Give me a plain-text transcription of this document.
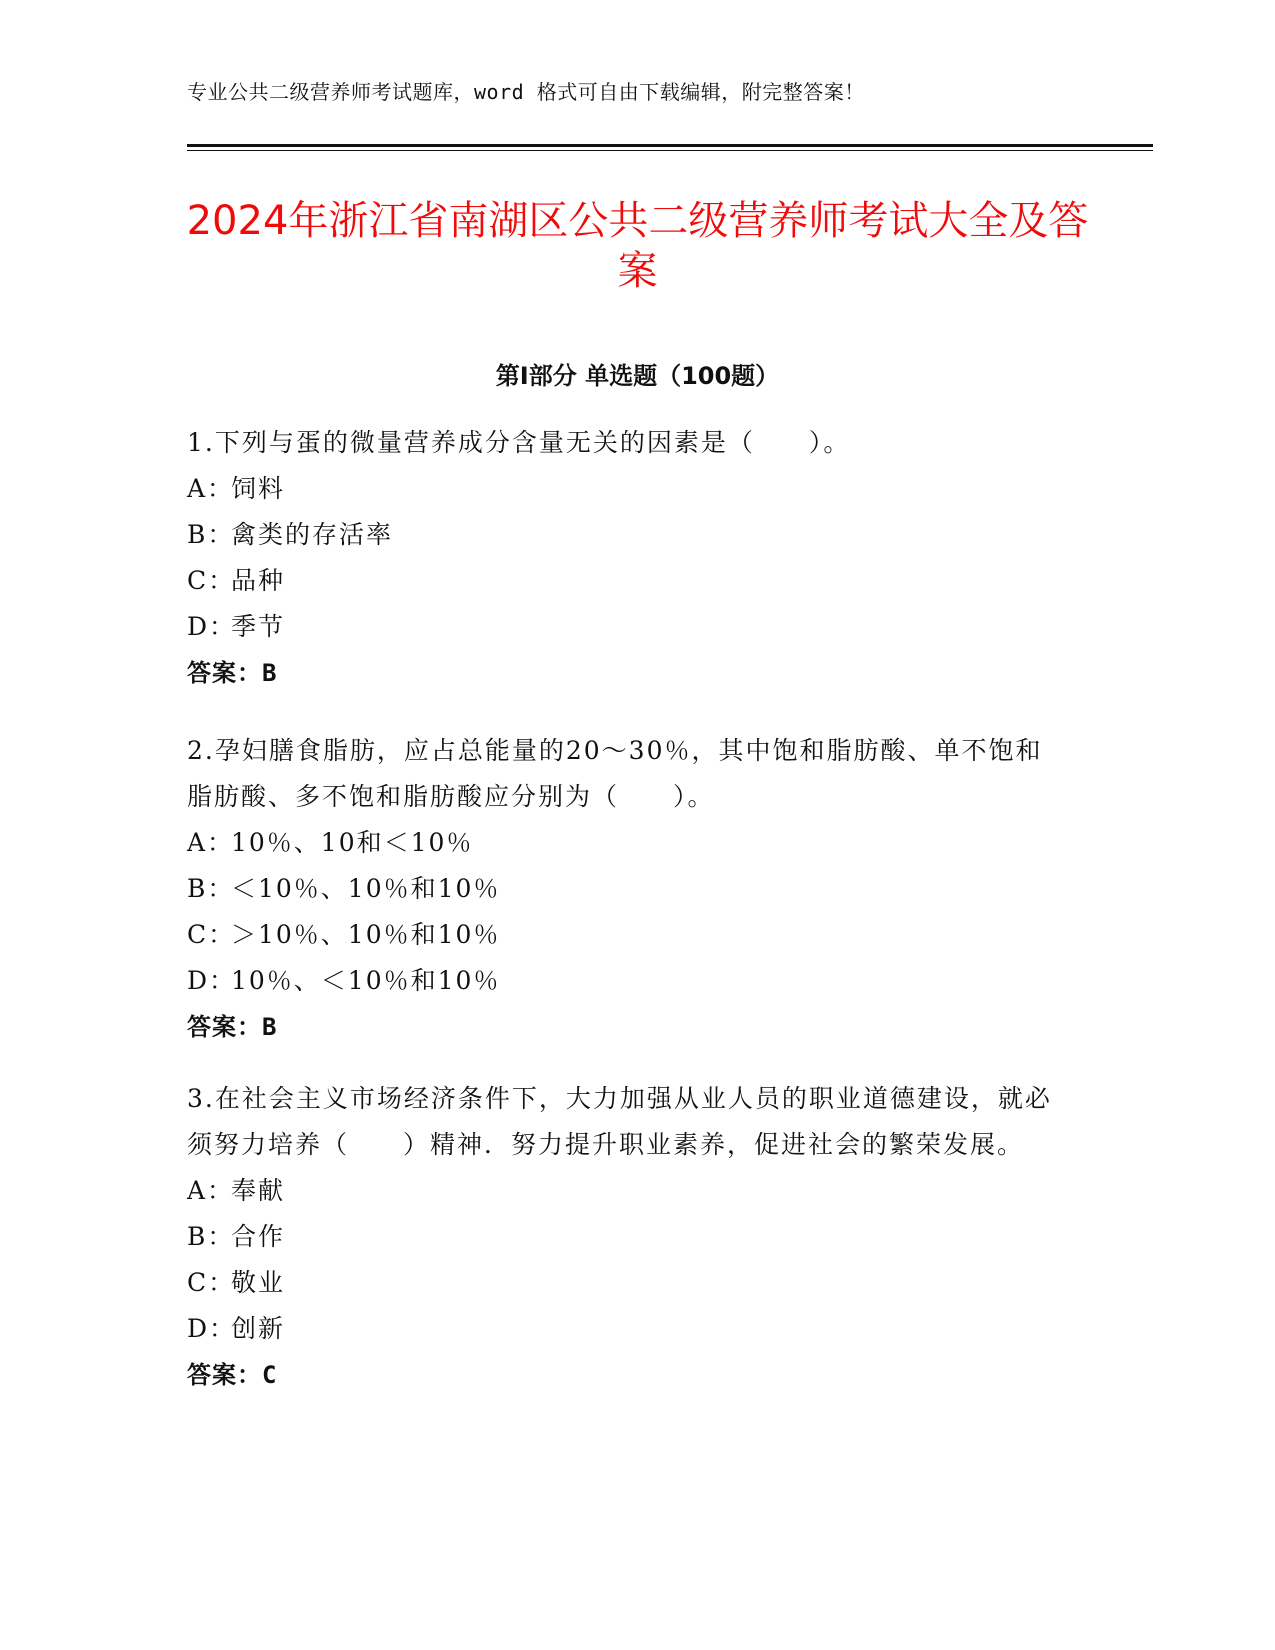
专业公共二级营养师考试题库，word 格式可自由下载编辑，附完整答案！
2024年浙江省南湖区公共二级营养师考试大全及答案
第Ⅰ部分 单选题（100题）

1.下列与蛋的微量营养成分含量无关的因素是（　　）。

A：饲料
B：禽类的存活率
C：品种
D：季节
答案：B

2.孕妇膳食脂肪，应占总能量的20～30％，其中饱和脂肪酸、单不饱和脂肪酸、多不饱和脂肪酸应分别为（　　）。

A：10％、10和＜10％
B：＜10％、10％和10％
C：＞10％、10％和10％
D：10％、＜10％和10％
答案：B

3.在社会主义市场经济条件下，大力加强从业人员的职业道德建设，就必须努力培养（　　）精神．努力提升职业素养，促进社会的繁荣发展。

A：奉献
B：合作
C：敬业
D：创新
答案：C
